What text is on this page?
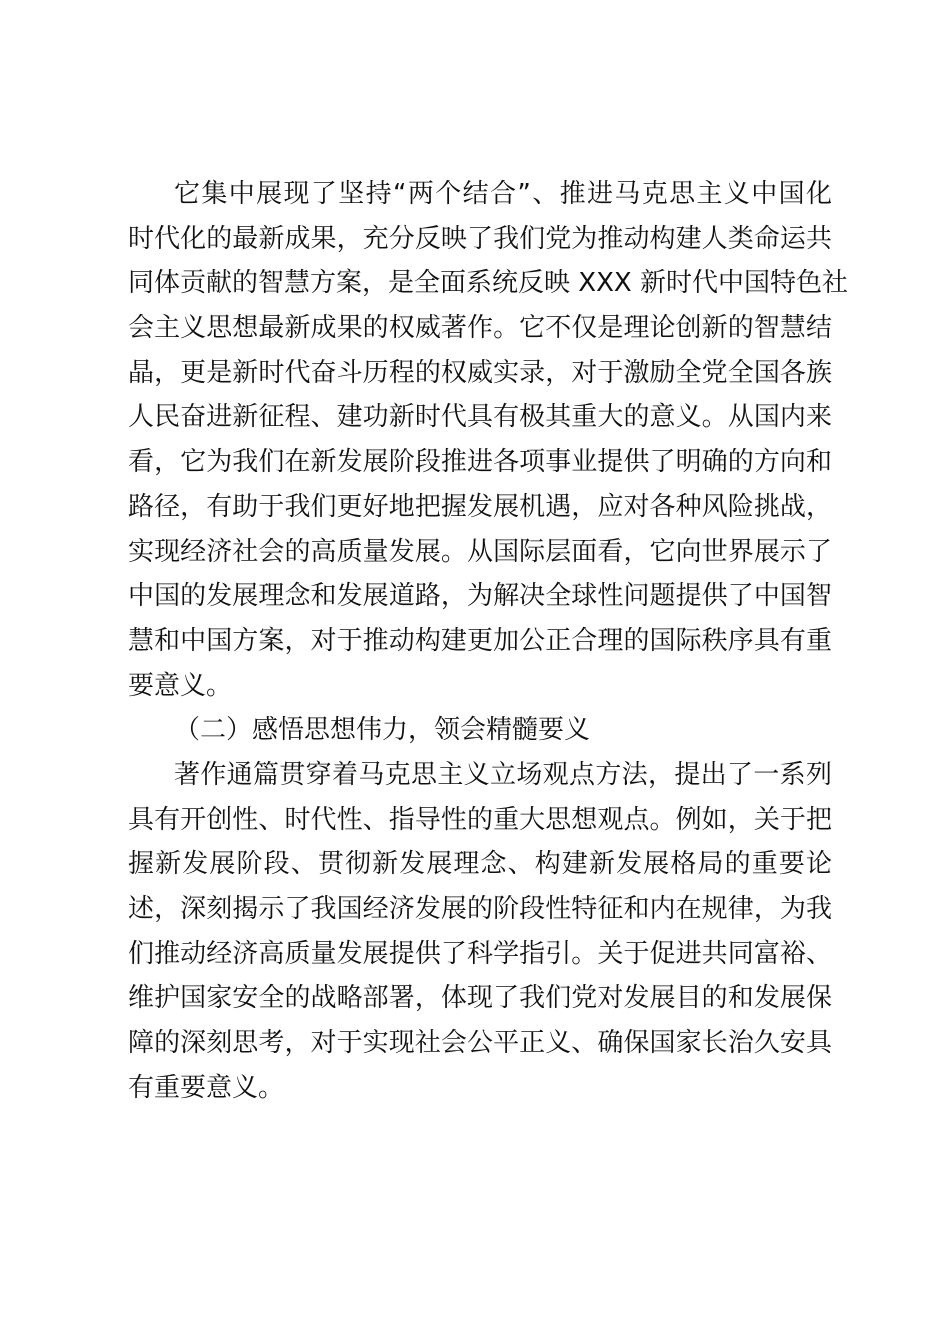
它集中展现了坚持“两个结合”、推进马克思主义中国化
时代化的最新成果，充分反映了我们党为推动构建人类命运共
同体贡献的智慧方案，是全面系统反映 XXX 新时代中国特色社
会主义思想最新成果的权威著作。它不仅是理论创新的智慧结
晶，更是新时代奋斗历程的权威实录，对于激励全党全国各族
人民奋进新征程、建功新时代具有极其重大的意义。从国内来
看，它为我们在新发展阶段推进各项事业提供了明确的方向和
路径，有助于我们更好地把握发展机遇，应对各种风险挑战，
实现经济社会的高质量发展。从国际层面看，它向世界展示了
中国的发展理念和发展道路，为解决全球性问题提供了中国智
慧和中国方案，对于推动构建更加公正合理的国际秩序具有重
要意义。
（二）感悟思想伟力，领会精髓要义
著作通篇贯穿着马克思主义立场观点方法，提出了一系列
具有开创性、时代性、指导性的重大思想观点。例如，关于把
握新发展阶段、贯彻新发展理念、构建新发展格局的重要论
述，深刻揭示了我国经济发展的阶段性特征和内在规律，为我
们推动经济高质量发展提供了科学指引。关于促进共同富裕、
维护国家安全的战略部署，体现了我们党对发展目的和发展保
障的深刻思考，对于实现社会公平正义、确保国家长治久安具
有重要意义。
